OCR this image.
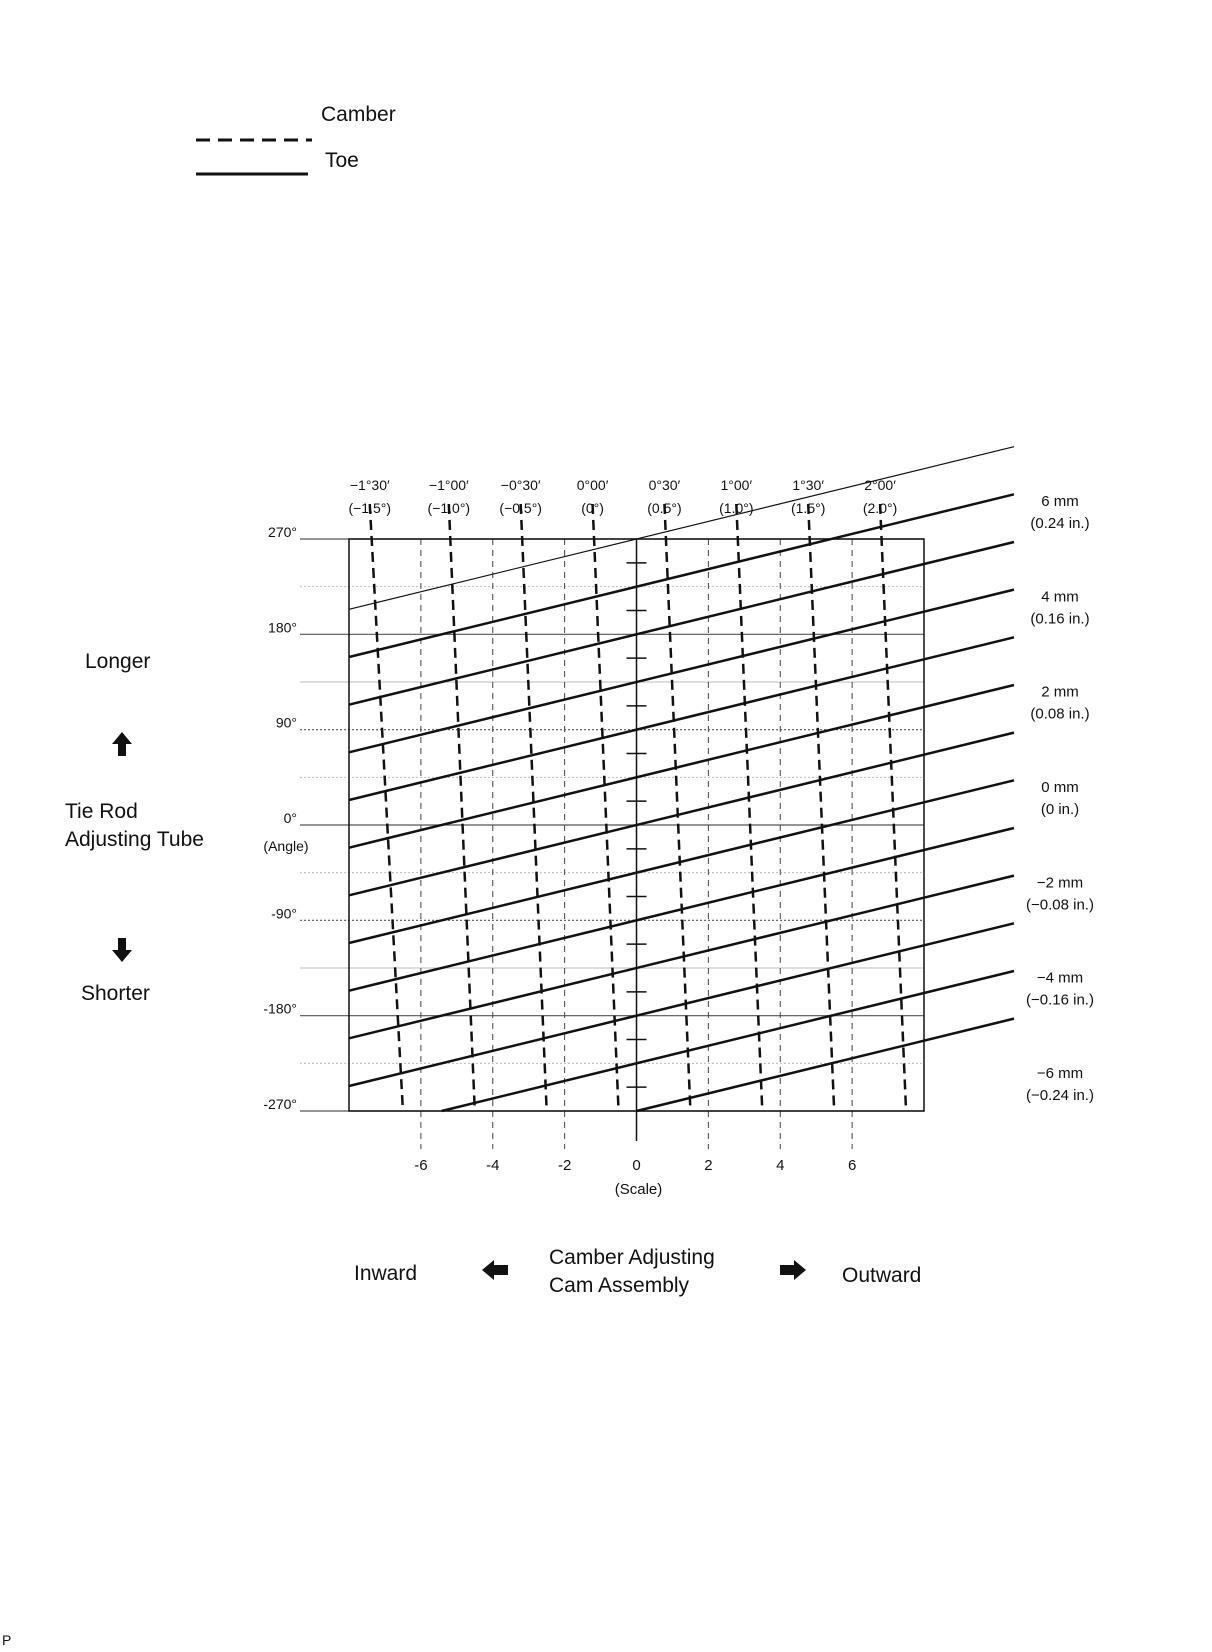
−1°30′
(−1.5°)
−1°00′
(−1.0°)
−0°30′
(−0.5°)
0°00′
(0°)
0°30′
(0.5°)
1°00′
(1.0°)
1°30′
(1.5°)
2°00′
(2.0°)	6 mm
(0.24 in.)
4 mm
(0.16 in.)
2 mm
(0.08 in.)
0 mm
(0 in.)
−2 mm
(−0.08 in.)
−4 mm
(−0.16 in.)
−6 mm
(−0.24 in.)
270°
180°
90°
0°
-90°
-180°
-270°
(Angle)
-6	-4	-2	0	2	4	6
(Scale)
Camber
Toe
Longer
Tie Rod
Adjusting Tube
Shorter
Inward
Camber Adjusting
Cam Assembly	Outward
P
